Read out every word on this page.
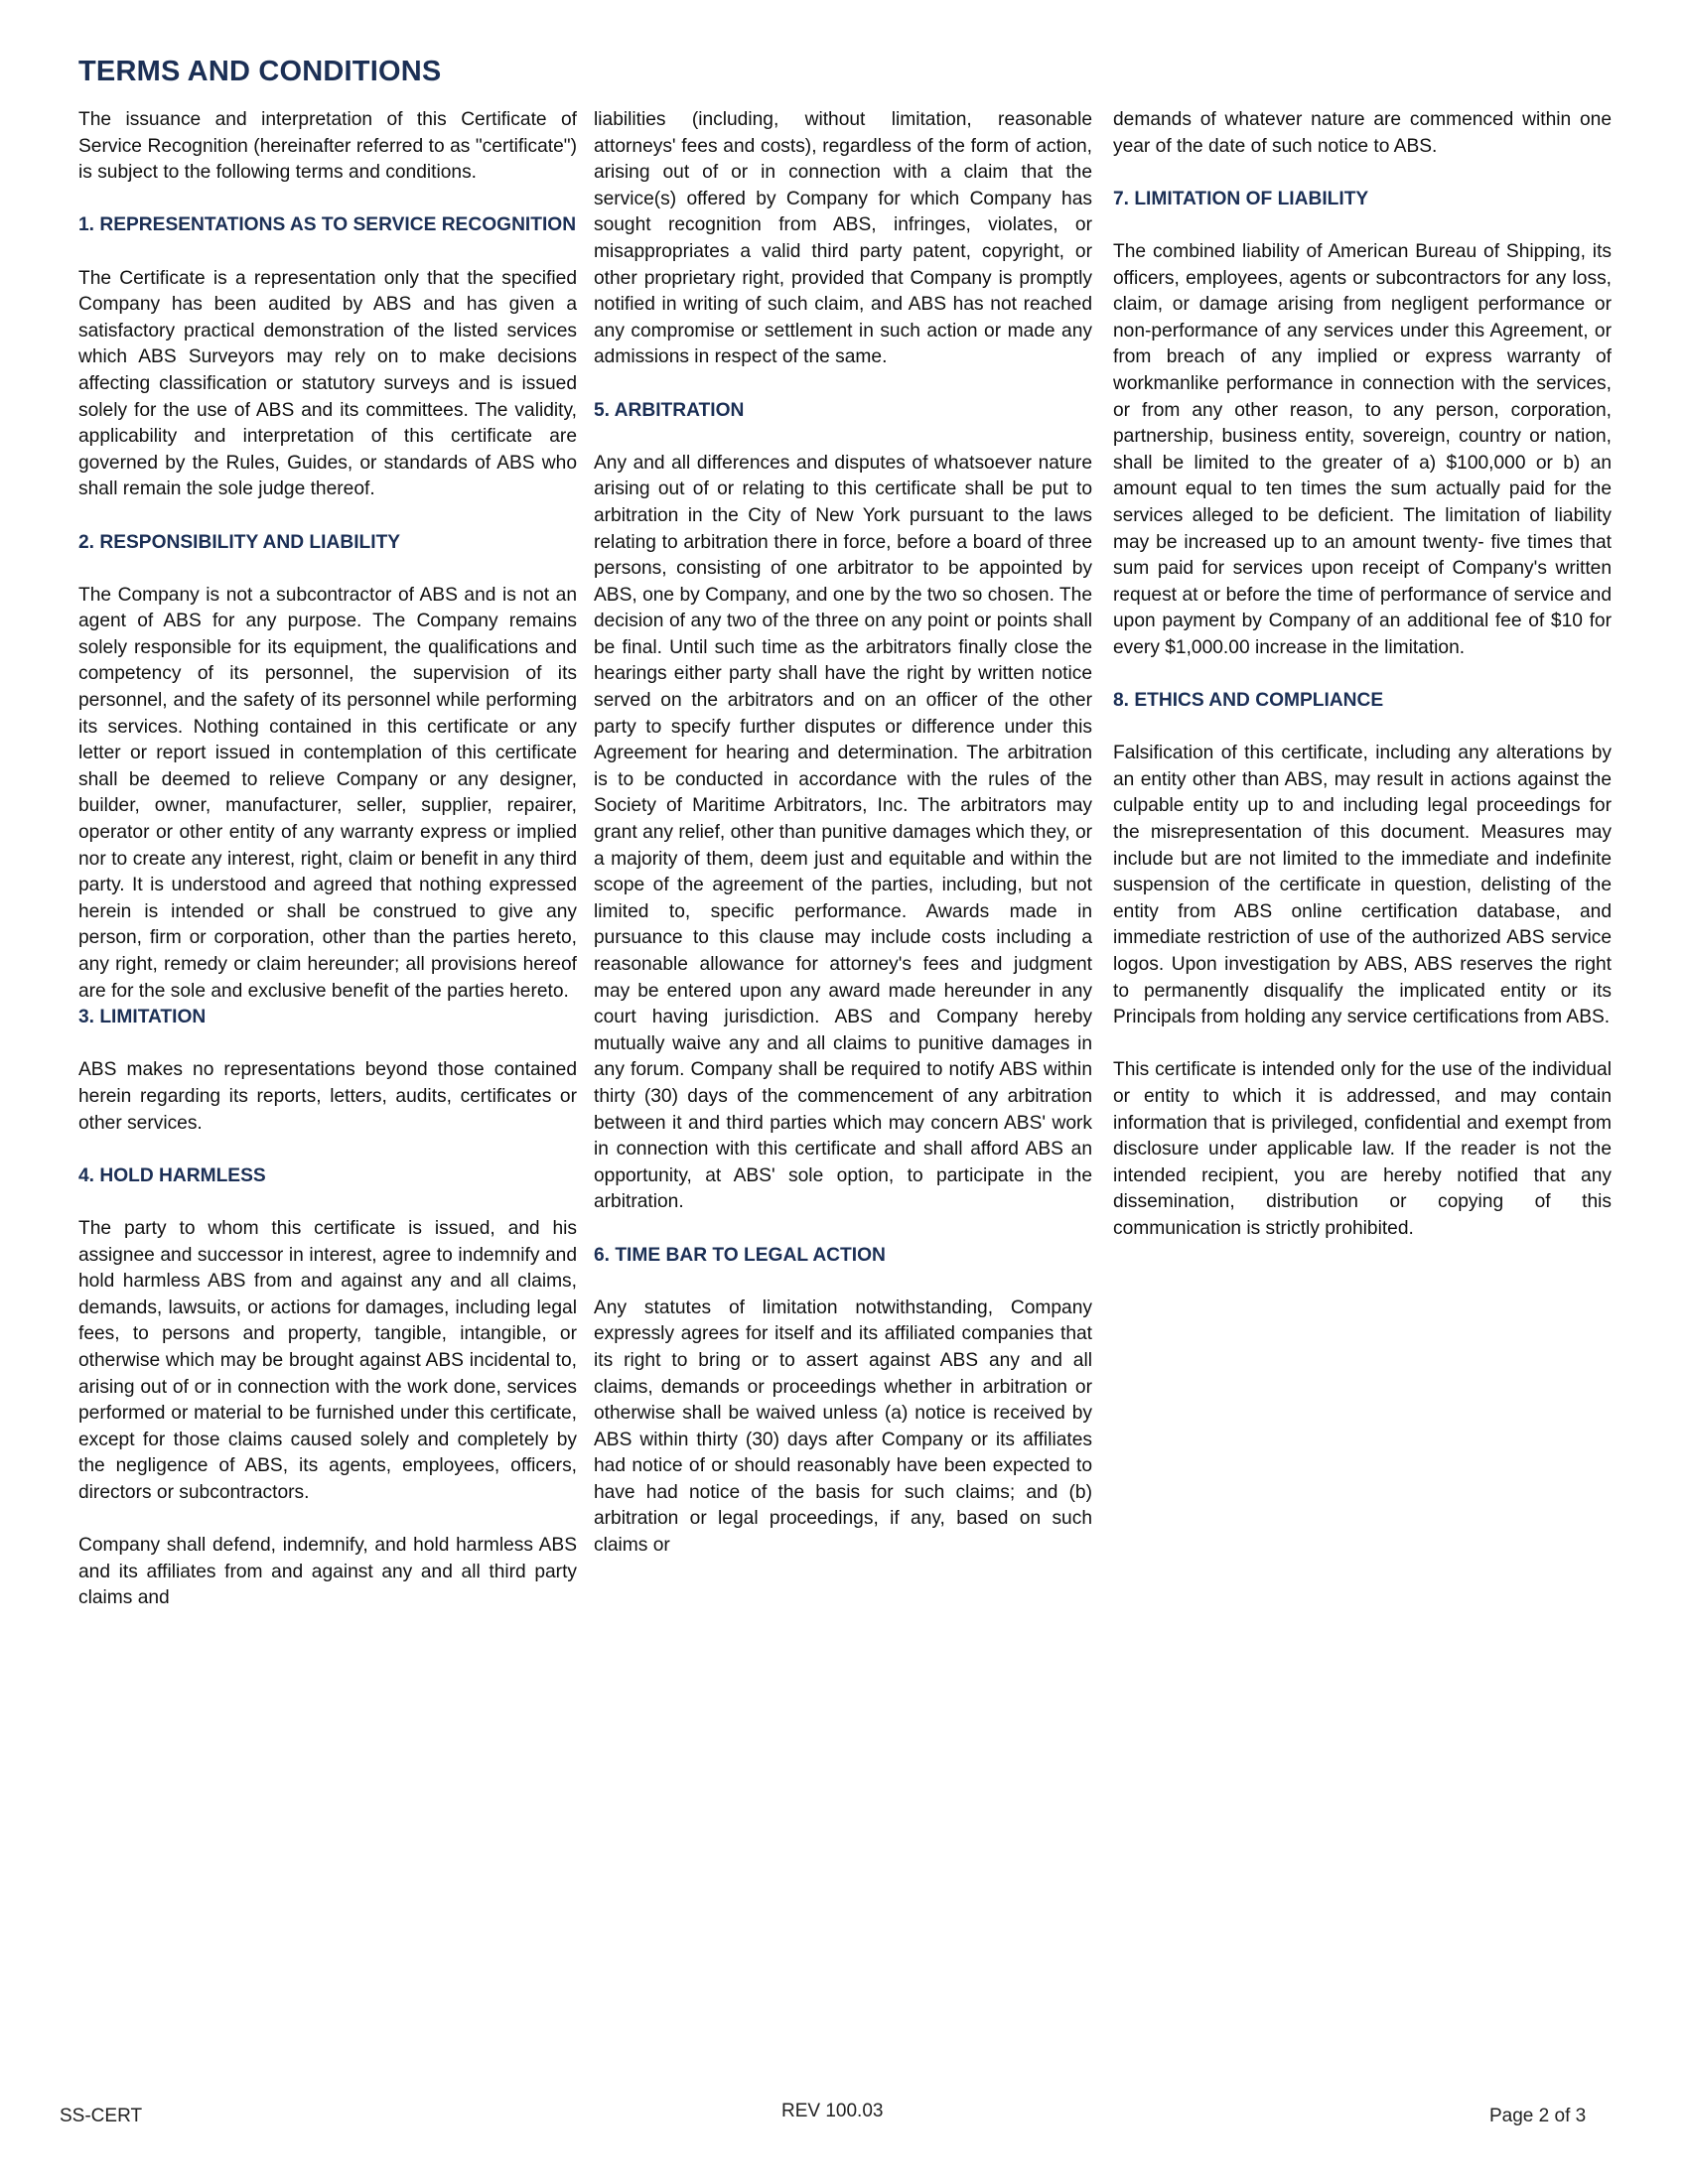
TERMS AND CONDITIONS

The issuance and interpretation of this Certificate of Service Recognition (hereinafter referred to as "certificate") is subject to the following terms and conditions.

1. REPRESENTATIONS AS TO SERVICE RECOGNITION

The Certificate is a representation only that the specified Company has been audited by ABS and has given a satisfactory practical demonstration of the listed services which ABS Surveyors may rely on to make decisions affecting classification or statutory surveys and is issued solely for the use of ABS and its committees. The validity, applicability and interpretation of this certificate are governed by the Rules, Guides, or standards of ABS who shall remain the sole judge thereof.

2. RESPONSIBILITY AND LIABILITY

The Company is not a subcontractor of ABS and is not an agent of ABS for any purpose. The Company remains solely responsible for its equipment, the qualifications and competency of its personnel, the supervision of its personnel, and the safety of its personnel while performing its services. Nothing contained in this certificate or any letter or report issued in contemplation of this certificate shall be deemed to relieve Company or any designer, builder, owner, manufacturer, seller, supplier, repairer, operator or other entity of any warranty express or implied nor to create any interest, right, claim or benefit in any third party. It is understood and agreed that nothing expressed herein is intended or shall be construed to give any person, firm or corporation, other than the parties hereto, any right, remedy or claim hereunder; all provisions hereof are for the sole and exclusive benefit of the parties hereto.

3. LIMITATION

ABS makes no representations beyond those contained herein regarding its reports, letters, audits, certificates or other services.

4. HOLD HARMLESS

The party to whom this certificate is issued, and his assignee and successor in interest, agree to indemnify and hold harmless ABS from and against any and all claims, demands, lawsuits, or actions for damages, including legal fees, to persons and property, tangible, intangible, or otherwise which may be brought against ABS incidental to, arising out of or in connection with the work done, services performed or material to be furnished under this certificate, except for those claims caused solely and completely by the negligence of ABS, its agents, employees, officers, directors or subcontractors.

Company shall defend, indemnify, and hold harmless ABS and its affiliates from and against any and all third party claims and

liabilities (including, without limitation, reasonable attorneys' fees and costs), regardless of the form of action, arising out of or in connection with a claim that the service(s) offered by Company for which Company has sought recognition from ABS, infringes, violates, or misappropriates a valid third party patent, copyright, or other proprietary right, provided that Company is promptly notified in writing of such claim, and ABS has not reached any compromise or settlement in such action or made any admissions in respect of the same.

5. ARBITRATION

Any and all differences and disputes of whatsoever nature arising out of or relating to this certificate shall be put to arbitration in the City of New York pursuant to the laws relating to arbitration there in force, before a board of three persons, consisting of one arbitrator to be appointed by ABS, one by Company, and one by the two so chosen. The decision of any two of the three on any point or points shall be final. Until such time as the arbitrators finally close the hearings either party shall have the right by written notice served on the arbitrators and on an officer of the other party to specify further disputes or difference under this Agreement for hearing and determination. The arbitration is to be conducted in accordance with the rules of the Society of Maritime Arbitrators, Inc. The arbitrators may grant any relief, other than punitive damages which they, or a majority of them, deem just and equitable and within the scope of the agreement of the parties, including, but not limited to, specific performance. Awards made in pursuance to this clause may include costs including a reasonable allowance for attorney's fees and judgment may be entered upon any award made hereunder in any court having jurisdiction. ABS and Company hereby mutually waive any and all claims to punitive damages in any forum. Company shall be required to notify ABS within thirty (30) days of the commencement of any arbitration between it and third parties which may concern ABS' work in connection with this certificate and shall afford ABS an opportunity, at ABS' sole option, to participate in the arbitration.

6. TIME BAR TO LEGAL ACTION

Any statutes of limitation notwithstanding, Company expressly agrees for itself and its affiliated companies that its right to bring or to assert against ABS any and all claims, demands or proceedings whether in arbitration or otherwise shall be waived unless (a) notice is received by ABS within thirty (30) days after Company or its affiliates had notice of or should reasonably have been expected to have had notice of the basis for such claims; and (b) arbitration or legal proceedings, if any, based on such claims or

demands of whatever nature are commenced within one year of the date of such notice to ABS.

7. LIMITATION OF LIABILITY

The combined liability of American Bureau of Shipping, its officers, employees, agents or subcontractors for any loss, claim, or damage arising from negligent performance or non-performance of any services under this Agreement, or from breach of any implied or express warranty of workmanlike performance in connection with the services, or from any other reason, to any person, corporation, partnership, business entity, sovereign, country or nation, shall be limited to the greater of a) $100,000 or b) an amount equal to ten times the sum actually paid for the services alleged to be deficient. The limitation of liability may be increased up to an amount twenty- five times that sum paid for services upon receipt of Company's written request at or before the time of performance of service and upon payment by Company of an additional fee of $10 for every $1,000.00 increase in the limitation.

8. ETHICS AND COMPLIANCE

Falsification of this certificate, including any alterations by an entity other than ABS, may result in actions against the culpable entity up to and including legal proceedings for the misrepresentation of this document. Measures may include but are not limited to the immediate and indefinite suspension of the certificate in question, delisting of the entity from ABS online certification database, and immediate restriction of use of the authorized ABS service logos. Upon investigation by ABS, ABS reserves the right to permanently disqualify the implicated entity or its Principals from holding any service certifications from ABS.

This certificate is intended only for the use of the individual or entity to which it is addressed, and may contain information that is privileged, confidential and exempt from disclosure under applicable law. If the reader is not the intended recipient, you are hereby notified that any dissemination, distribution or copying of this communication is strictly prohibited.

SS-CERT	REV 100.03	Page 2 of 3
